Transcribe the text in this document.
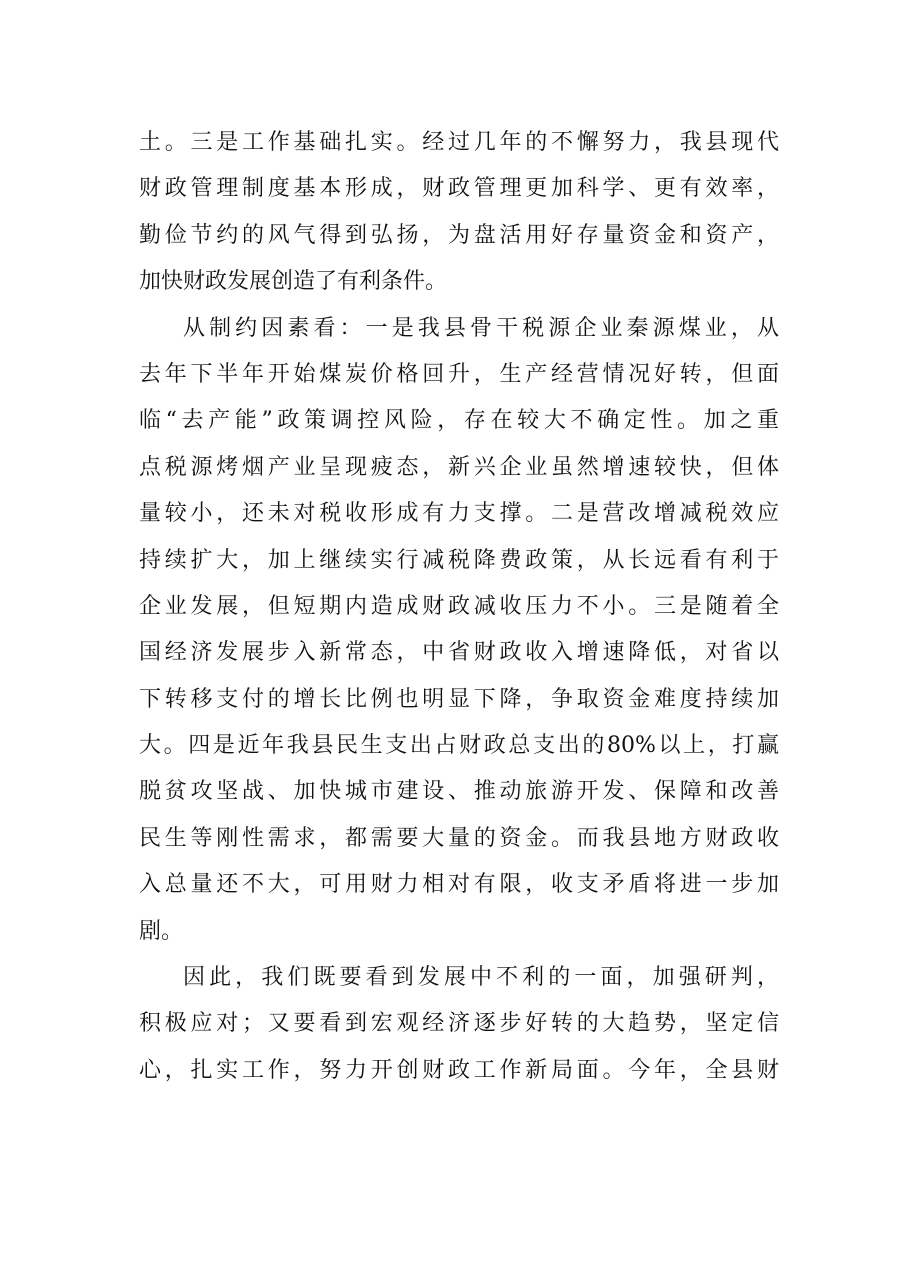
土。三是工作基础扎实。经过几年的不懈努力，我县现代
财政管理制度基本形成，财政管理更加科学、更有效率，
勤俭节约的风气得到弘扬，为盘活用好存量资金和资产，
加快财政发展创造了有利条件。
从制约因素看：一是我县骨干税源企业秦源煤业，从
去年下半年开始煤炭价格回升，生产经营情况好转，但面
临“去产能”政策调控风险，存在较大不确定性。加之重
点税源烤烟产业呈现疲态，新兴企业虽然增速较快，但体
量较小，还未对税收形成有力支撑。二是营改增减税效应
持续扩大，加上继续实行减税降费政策，从长远看有利于
企业发展，但短期内造成财政减收压力不小。三是随着全
国经济发展步入新常态，中省财政收入增速降低，对省以
下转移支付的增长比例也明显下降，争取资金难度持续加
大。四是近年我县民生支出占财政总支出的80%以上，打赢
脱贫攻坚战、加快城市建设、推动旅游开发、保障和改善
民生等刚性需求，都需要大量的资金。而我县地方财政收
入总量还不大，可用财力相对有限，收支矛盾将进一步加
剧。
因此，我们既要看到发展中不利的一面，加强研判，
积极应对；又要看到宏观经济逐步好转的大趋势，坚定信
心，扎实工作，努力开创财政工作新局面。今年，全县财
